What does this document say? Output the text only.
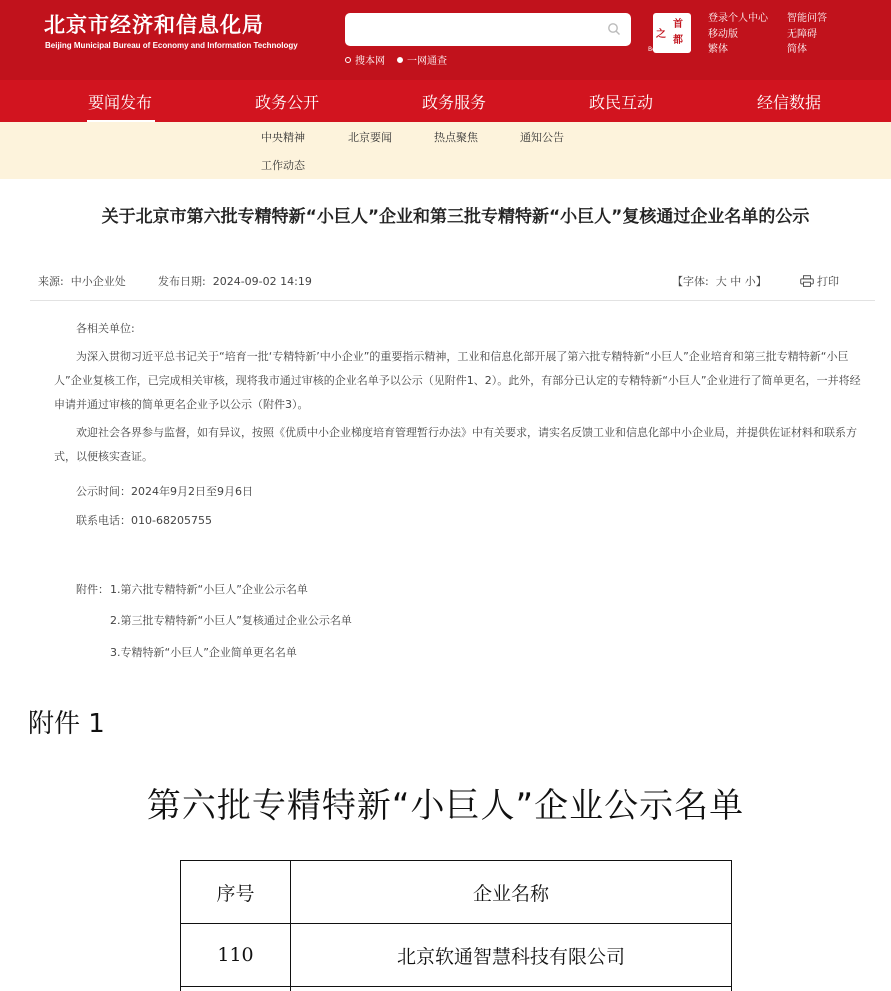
北京市经济和信息化局
Beijing Municipal Bureau of Economy and Information Technology
搜本网 一网通查
之
首
都
Beijing · China
登录个人中心
移动版
繁体
智能问答
无障碍
简体
要闻发布	政务公开	政务服务	政民互动	经信数据
中央精神	北京要闻	热点聚焦	通知公告
工作动态
关于北京市第六批专精特新“小巨人”企业和第三批专精特新“小巨人”复核通过企业名单的公示
来源: 中小企业处	发布日期: 2024-09-02 14:19	【字体: 大 中 小】	打印
各相关单位:
为深入贯彻习近平总书记关于“培育一批‘专精特新’中小企业”的重要指示精神，工业和信息化部开展了第六批专精特新“小巨人”企业培育和第三批专精特新“小巨人”企业复核工作，已完成相关审核，现将我市通过审核的企业名单予以公示（见附件1、2）。此外，有部分已认定的专精特新“小巨人”企业进行了简单更名，一并将经申请并通过审核的简单更名企业予以公示（附件3）。
欢迎社会各界参与监督，如有异议，按照《优质中小企业梯度培育管理暂行办法》中有关要求，请实名反馈工业和信息化部中小企业局，并提供佐证材料和联系方式，以便核实查证。
公示时间：2024年9月2日至9月6日
联系电话：010-68205755
附件： 1.第六批专精特新“小巨人”企业公示名单
2.第三批专精特新“小巨人”复核通过企业公示名单
3.专精特新“小巨人”企业简单更名名单
附件 1
第六批专精特新“小巨人”企业公示名单
序号	企业名称
110	北京软通智慧科技有限公司
